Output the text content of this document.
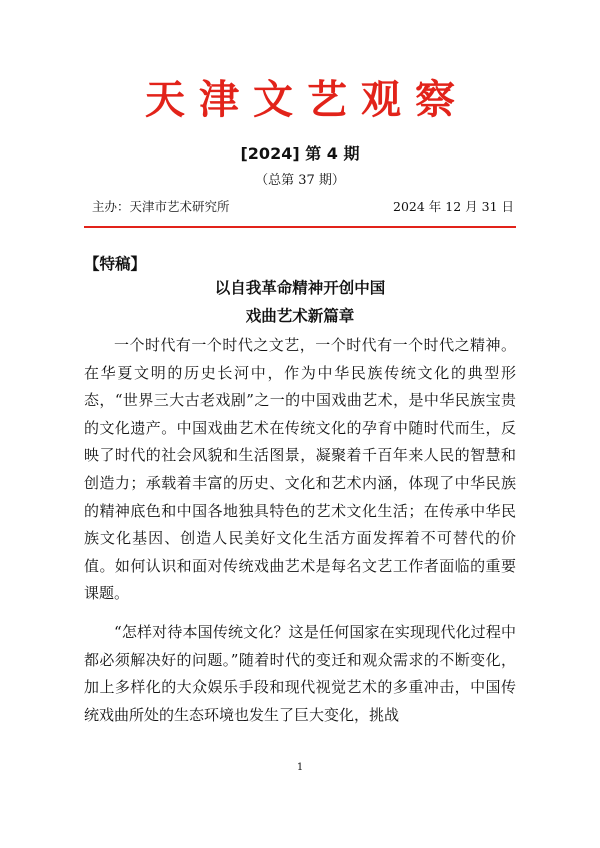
天津文艺观察
[2024] 第 4 期
（总第 37 期）
主办：天津市艺术研究所	2024 年 12 月 31 日
【特稿】
以自我革命精神开创中国
戏曲艺术新篇章

一个时代有一个时代之文艺，一个时代有一个时代之精神。在华夏文明的历史长河中，作为中华民族传统文化的典型形态，“世界三大古老戏剧”之一的中国戏曲艺术，是中华民族宝贵的文化遗产。中国戏曲艺术在传统文化的孕育中随时代而生，反映了时代的社会风貌和生活图景，凝聚着千百年来人民的智慧和创造力；承载着丰富的历史、文化和艺术内涵，体现了中华民族的精神底色和中国各地独具特色的艺术文化生活；在传承中华民族文化基因、创造人民美好文化生活方面发挥着不可替代的价值。如何认识和面对传统戏曲艺术是每名文艺工作者面临的重要课题。

“怎样对待本国传统文化？这是任何国家在实现现代化过程中都必须解决好的问题。”随着时代的变迁和观众需求的不断变化，加上多样化的大众娱乐手段和现代视觉艺术的多重冲击，中国传统戏曲所处的生态环境也发生了巨大变化，挑战

1
